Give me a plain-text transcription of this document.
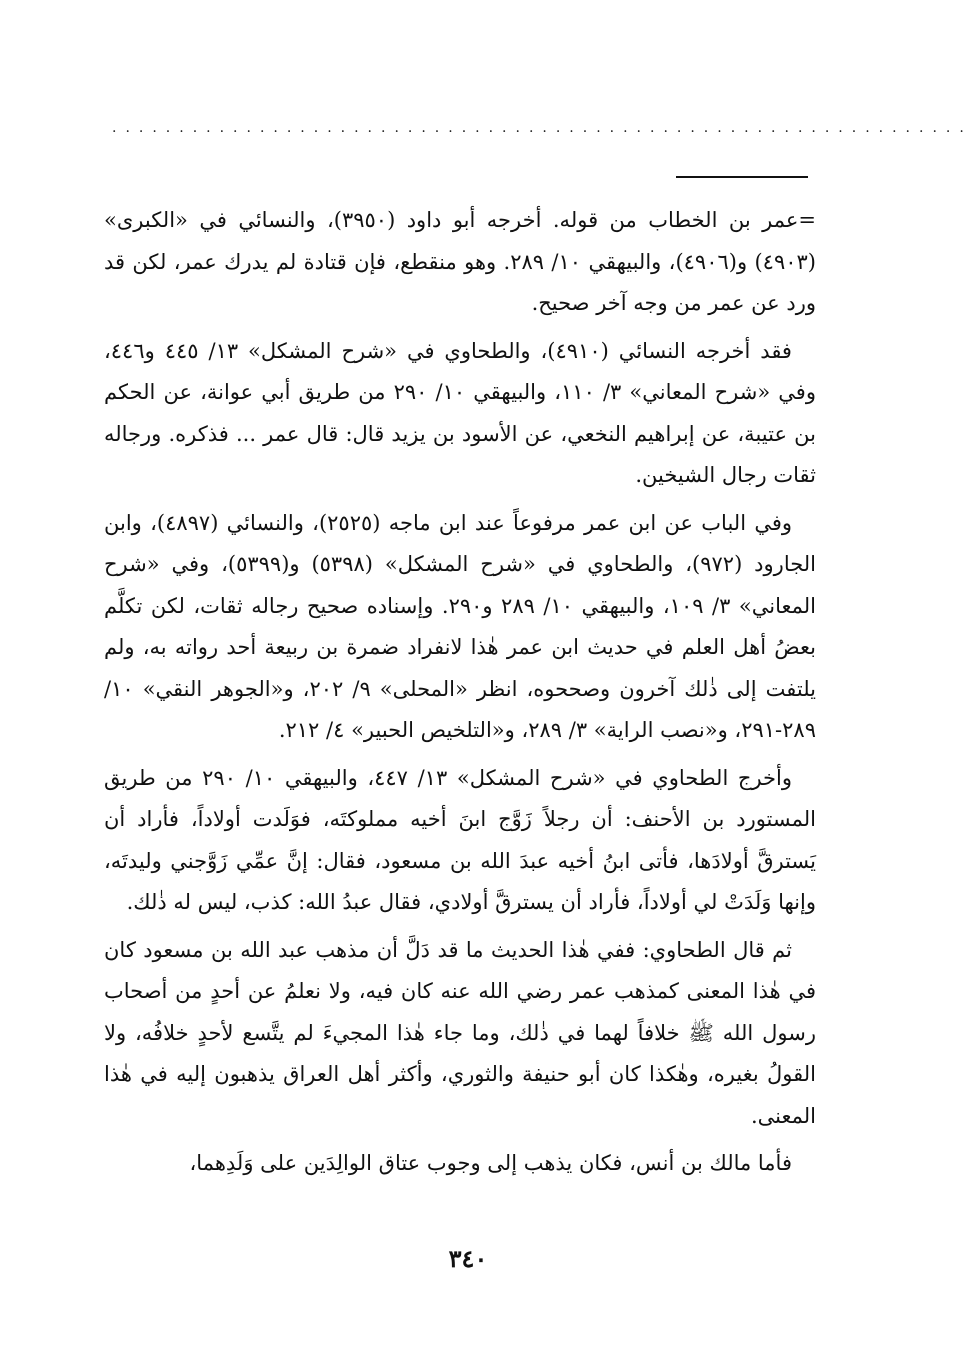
................................................................

=عمر بن الخطاب من قوله. أخرجه أبو داود (٣٩٥٠)، والنسائي في «الكبرى» (٤٩٠٣) و(٤٩٠٦)، والبيهقي ١٠/ ٢٨٩. وهو منقطع، فإن قتادة لم يدرك عمر، لكن قد ورد عن عمر من وجه آخر صحيح.

فقد أخرجه النسائي (٤٩١٠)، والطحاوي في «شرح المشكل» ١٣/ ٤٤٥ و٤٤٦، وفي «شرح المعاني» ٣/ ١١٠، والبيهقي ١٠/ ٢٩٠ من طريق أبي عوانة، عن الحكم بن عتيبة، عن إبراهيم النخعي، عن الأسود بن يزيد قال: قال عمر ... فذكره. ورجاله ثقات رجال الشيخين.

وفي الباب عن ابن عمر مرفوعاً عند ابن ماجه (٢٥٢٥)، والنسائي (٤٨٩٧)، وابن الجارود (٩٧٢)، والطحاوي في «شرح المشكل» (٥٣٩٨) و(٥٣٩٩)، وفي «شرح المعاني» ٣/ ١٠٩، والبيهقي ١٠/ ٢٨٩ و٢٩٠. وإسناده صحيح رجاله ثقات، لكن تكلَّم بعضُ أهل العلم في حديث ابن عمر هٰذا لانفراد ضمرة بن ربيعة أحد رواته به، ولم يلتفت إلى ذٰلك آخرون وصححوه، انظر «المحلى» ٩/ ٢٠٢، و«الجوهر النقي» ١٠/ ٢٨٩-٢٩١، و«نصب الراية» ٣/ ٢٨٩، و«التلخيص الحبير» ٤/ ٢١٢.

وأخرج الطحاوي في «شرح المشكل» ١٣/ ٤٤٧، والبيهقي ١٠/ ٢٩٠ من طريق المستورد بن الأحنف: أن رجلاً زَوَّج ابنَ أخيه مملوكتَه، فوَلَدت أولاداً، فأراد أن يَسترقَّ أولادَها، فأتى ابنُ أخيه عبدَ الله بن مسعود، فقال: إنَّ عمِّي زَوَّجني وليدتَه، وإنها وَلَدَتْ لي أولاداً، فأراد أن يسترقَّ أولادي، فقال عبدُ الله: كذب، ليس له ذٰلك.

ثم قال الطحاوي: ففي هٰذا الحديث ما قد دَلَّ أن مذهب عبد الله بن مسعود كان في هٰذا المعنى كمذهب عمر رضي الله عنه كان فيه، ولا نعلمُ عن أحدٍ من أصحاب رسول الله ﷺ خلافاً لهما في ذٰلك، وما جاء هٰذا المجيءَ لم يتَّسع لأحدٍ خلافُه، ولا القولُ بغيره، وهٰكذا كان أبو حنيفة والثوري، وأكثر أهل العراق يذهبون إليه في هٰذا المعنى.

فأما مالك بن أنس، فكان يذهب إلى وجوب عتاق الوالِدَين على وَلَدِهما،

٣٤٠
